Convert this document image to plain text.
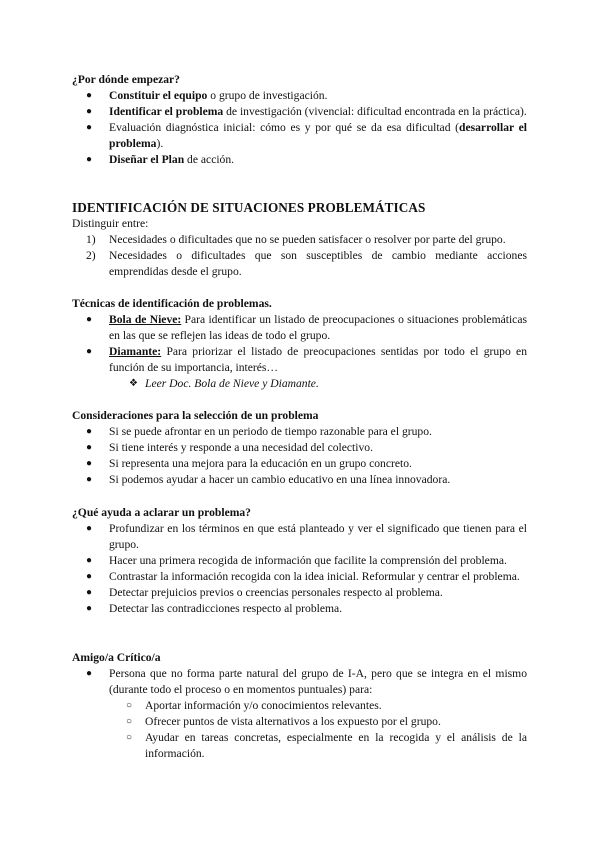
¿Por dónde empezar?

●	Constituir el equipo o grupo de investigación.
●	Identificar el problema de investigación (vivencial: dificultad encontrada en la práctica).
●	Evaluación diagnóstica inicial: cómo es y por qué se da esa dificultad (desarrollar el problema).
●	Diseñar el Plan de acción.

IDENTIFICACIÓN DE SITUACIONES PROBLEMÁTICAS

Distinguir entre:

1)	Necesidades o dificultades que no se pueden satisfacer o resolver por parte del grupo.
2)	Necesidades o dificultades que son susceptibles de cambio mediante acciones emprendidas desde el grupo.

Técnicas de identificación de problemas.

●	Bola de Nieve: Para identificar un listado de preocupaciones o situaciones problemáticas en las que se reflejen las ideas de todo el grupo.
●	Diamante: Para priorizar el listado de preocupaciones sentidas por todo el grupo en función de su importancia, interés…
❖ Leer Doc. Bola de Nieve y Diamante.

Consideraciones para la selección de un problema

●	Si se puede afrontar en un periodo de tiempo razonable para el grupo.
●	Si tiene interés y responde a una necesidad del colectivo.
●	Si representa una mejora para la educación en un grupo concreto.
●	Si podemos ayudar a hacer un cambio educativo en una línea innovadora.

¿Qué ayuda a aclarar un problema?

●	Profundizar en los términos en que está planteado y ver el significado que tienen para el grupo.
●	Hacer una primera recogida de información que facilite la comprensión del problema.
●	Contrastar la información recogida con la idea inicial. Reformular y centrar el problema.
●	Detectar prejuicios previos o creencias personales respecto al problema.
●	Detectar las contradicciones respecto al problema.

Amigo/a Crítico/a

●	Persona que no forma parte natural del grupo de I-A, pero que se integra en el mismo (durante todo el proceso o en momentos puntuales) para:
○	Aportar información y/o conocimientos relevantes.
○	Ofrecer puntos de vista alternativos a los expuesto por el grupo.
○	Ayudar en tareas concretas, especialmente en la recogida y el análisis de la información.
